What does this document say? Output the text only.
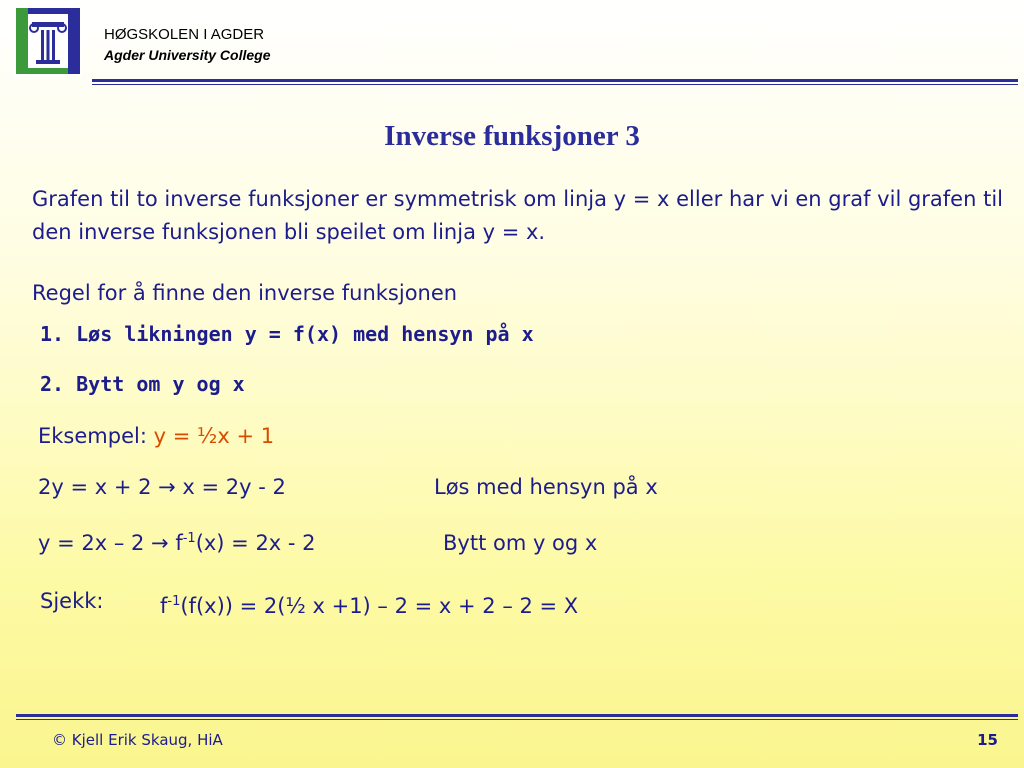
HØGSKOLEN I AGDER
Agder University College
Inverse funksjoner 3
Grafen til to inverse funksjoner er symmetrisk om linja y = x eller har vi en graf vil grafen til den inverse funksjonen bli speilet om linja y = x.
Regel for å finne den inverse funksjonen
1. Løs likningen y = f(x) med hensyn på x
2. Bytt om y og x
Eksempel: y = ½x + 1
2y = x + 2 → x = 2y - 2	Løs med hensyn på x
$y = 2x - 2 \to f^{-1}(x) = 2x - 2$	Bytt om y og x
Sjekk:	$f^{-1}(f(x))$ = 2(½ x +1) – 2 = x + 2 – 2 = X
© Kjell Erik Skaug, HiA	15
